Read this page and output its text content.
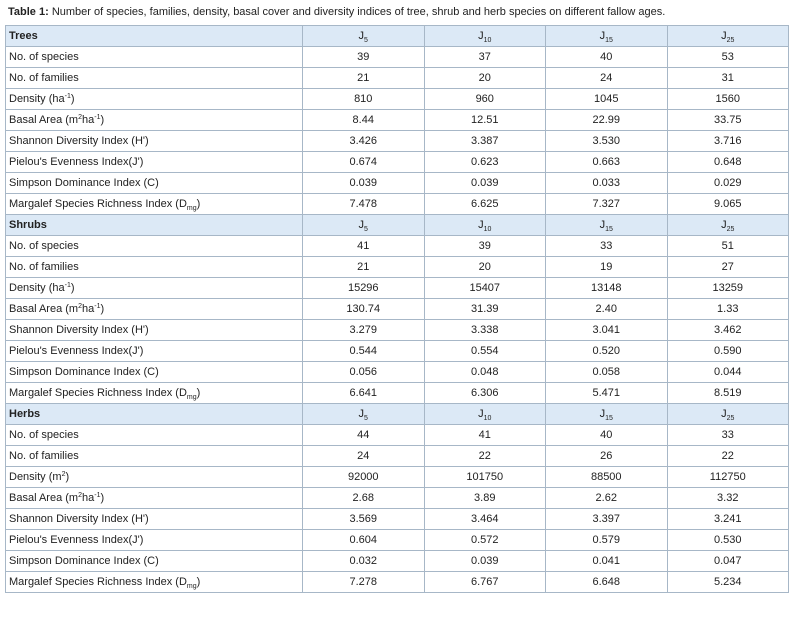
Table 1: Number of species, families, density, basal cover and diversity indices of tree, shrub and herb species on different fallow ages.
Trees	$J_5$	$J_{10}$	$J_{15}$	$J_{25}$
No. of species	39	37	40	53
No. of families	21	20	24	31
Density $(ha^{-1})$	810	960	1045	1560
Basal Area $(m^2ha^{-1})$	8.44	12.51	22.99	33.75
Shannon Diversity Index (H')	3.426	3.387	3.530	3.716
Pielou's Evenness Index(J')	0.674	0.623	0.663	0.648
Simpson Dominance Index (C)	0.039	0.039	0.033	0.029
Margalef Species Richness Index $(D_{mg})$	7.478	6.625	7.327	9.065
Shrubs	$J_5$	$J_{10}$	$J_{15}$	$J_{25}$
No. of species	41	39	33	51
No. of families	21	20	19	27
Density $(ha^{-1})$	15296	15407	13148	13259
Basal Area $(m^2ha^{-1})$	130.74	31.39	2.40	1.33
Shannon Diversity Index (H')	3.279	3.338	3.041	3.462
Pielou's Evenness Index(J')	0.544	0.554	0.520	0.590
Simpson Dominance Index (C)	0.056	0.048	0.058	0.044
Margalef Species Richness Index $(D_{mg})$	6.641	6.306	5.471	8.519
Herbs	$J_5$	$J_{10}$	$J_{15}$	$J_{25}$
No. of species	44	41	40	33
No. of families	24	22	26	22
Density $(m^2)$	92000	101750	88500	112750
Basal Area $(m^2ha^{-1})$	2.68	3.89	2.62	3.32
Shannon Diversity Index (H')	3.569	3.464	3.397	3.241
Pielou's Evenness Index(J')	0.604	0.572	0.579	0.530
Simpson Dominance Index (C)	0.032	0.039	0.041	0.047
Margalef Species Richness Index $(D_{mg})$	7.278	6.767	6.648	5.234
